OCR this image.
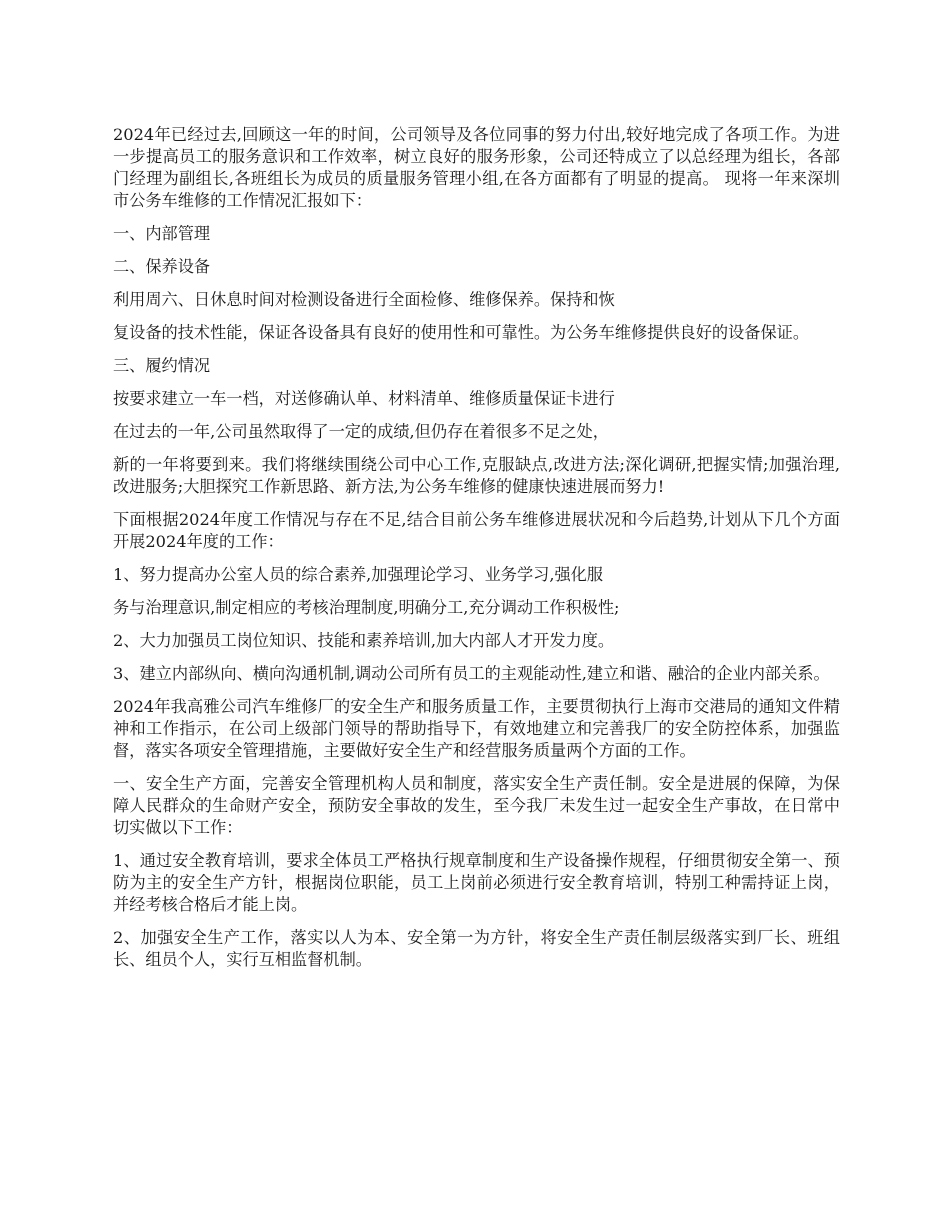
2024年已经过去,回顾这一年的时间，公司领导及各位同事的努力付出,较好地完成了各项工作。为进一步提高员工的服务意识和工作效率，树立良好的服务形象，公司还特成立了以总经理为组长，各部门经理为副组长,各班组长为成员的质量服务管理小组,在各方面都有了明显的提高。 现将一年来深圳市公务车维修的工作情况汇报如下：

一、内部管理

二、保养设备

利用周六、日休息时间对检测设备进行全面检修、维修保养。保持和恢

复设备的技术性能，保证各设备具有良好的使用性和可靠性。为公务车维修提供良好的设备保证。

三、履约情况

按要求建立一车一档，对送修确认单、材料清单、维修质量保证卡进行

在过去的一年,公司虽然取得了一定的成绩,但仍存在着很多不足之处，

新的一年将要到来。我们将继续围绕公司中心工作,克服缺点,改进方法;深化调研,把握实情;加强治理,改进服务;大胆探究工作新思路、新方法,为公务车维修的健康快速进展而努力!

下面根据2024年度工作情况与存在不足,结合目前公务车维修进展状况和今后趋势,计划从下几个方面开展2024年度的工作：

1、努力提高办公室人员的综合素养,加强理论学习、业务学习,强化服

务与治理意识,制定相应的考核治理制度,明确分工,充分调动工作积极性;

2、大力加强员工岗位知识、技能和素养培训,加大内部人才开发力度。

3、建立内部纵向、横向沟通机制,调动公司所有员工的主观能动性,建立和谐、融洽的企业内部关系。

2024年我高雅公司汽车维修厂的安全生产和服务质量工作，主要贯彻执行上海市交港局的通知文件精神和工作指示，在公司上级部门领导的帮助指导下，有效地建立和完善我厂的安全防控体系，加强监督，落实各项安全管理措施，主要做好安全生产和经营服务质量两个方面的工作。

一、安全生产方面，完善安全管理机构人员和制度，落实安全生产责任制。安全是进展的保障，为保障人民群众的生命财产安全，预防安全事故的发生，至今我厂未发生过一起安全生产事故，在日常中切实做以下工作：

1、通过安全教育培训，要求全体员工严格执行规章制度和生产设备操作规程，仔细贯彻安全第一、预防为主的安全生产方针，根据岗位职能，员工上岗前必须进行安全教育培训，特别工种需持证上岗，并经考核合格后才能上岗。

2、加强安全生产工作，落实以人为本、安全第一为方针，将安全生产责任制层级落实到厂长、班组长、组员个人，实行互相监督机制。
